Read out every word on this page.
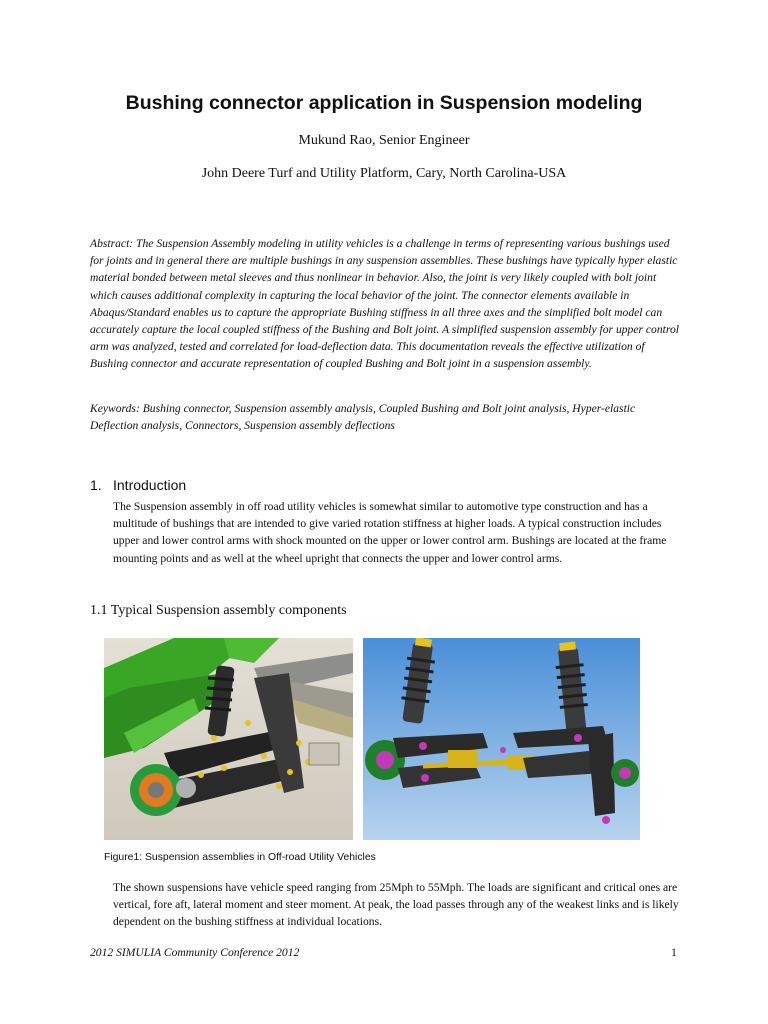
Bushing connector application in Suspension modeling
Mukund Rao, Senior Engineer
John Deere Turf and Utility Platform, Cary, North Carolina-USA
Abstract: The Suspension Assembly modeling in utility vehicles is a challenge in terms of representing various bushings used for joints and in general there are multiple bushings in any suspension assemblies. These bushings have typically hyper elastic material bonded between metal sleeves and thus nonlinear in behavior. Also, the joint is very likely coupled with bolt joint which causes additional complexity in capturing the local behavior of the joint. The connector elements available in Abaqus/Standard enables us to capture the appropriate Bushing stiffness in all three axes and the simplified bolt model can accurately capture the local coupled stiffness of the Bushing and Bolt joint. A simplified suspension assembly for upper control arm was analyzed, tested and correlated for load-deflection data. This documentation reveals the effective utilization of Bushing connector and accurate representation of coupled Bushing and Bolt joint in a suspension assembly.
Keywords: Bushing connector, Suspension assembly analysis, Coupled Bushing and Bolt joint analysis, Hyper-elastic Deflection analysis, Connectors, Suspension assembly deflections
1. Introduction
The Suspension assembly in off road utility vehicles is somewhat similar to automotive type construction and has a multitude of bushings that are intended to give varied rotation stiffness at higher loads. A typical construction includes upper and lower control arms with shock mounted on the upper or lower control arm. Bushings are located at the frame mounting points and as well at the wheel upright that connects the upper and lower control arms.
1.1 Typical Suspension assembly components
Figure1: Suspension assemblies in Off-road Utility Vehicles
The shown suspensions have vehicle speed ranging from 25Mph to 55Mph. The loads are significant and critical ones are vertical, fore aft, lateral moment and steer moment. At peak, the load passes through any of the weakest links and is likely dependent on the bushing stiffness at individual locations.
2012 SIMULIA Community Conference 2012	1
